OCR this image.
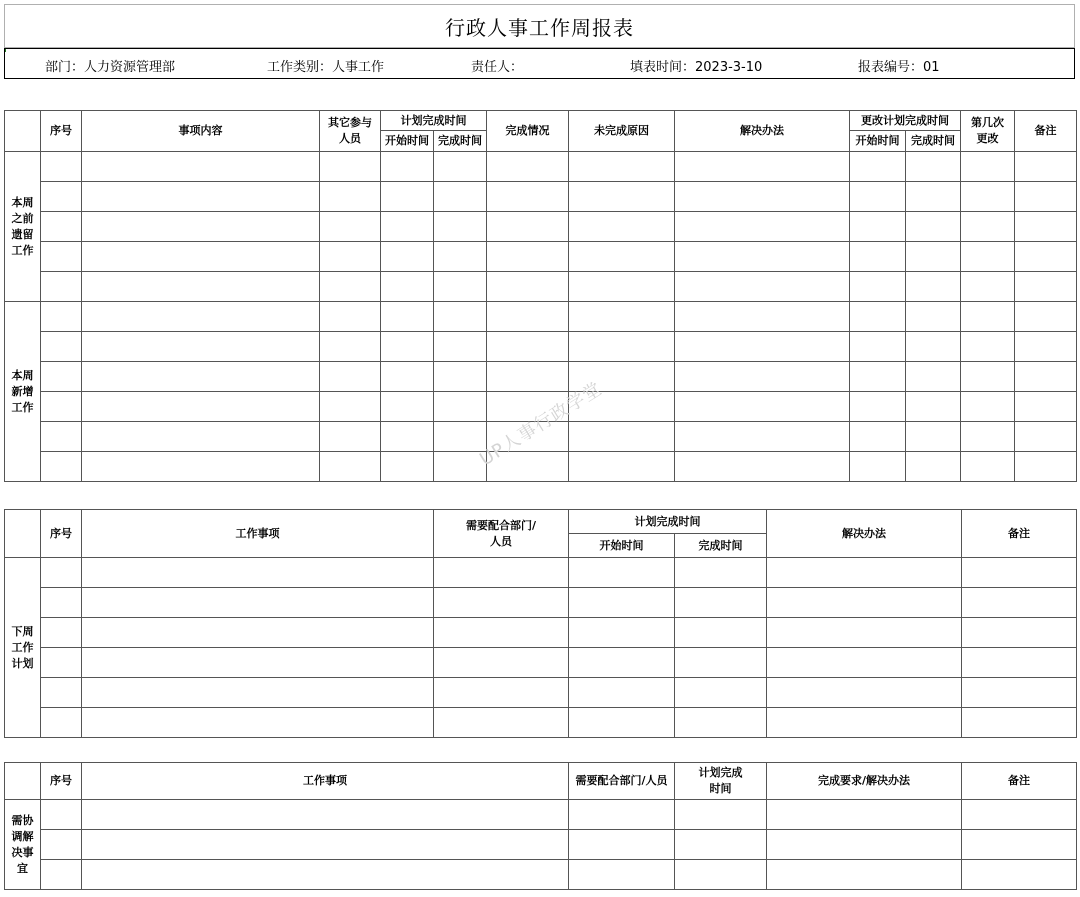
行政人事工作周报表
部门：人力资源管理部	工作类别：人事工作	责任人：	填表时间：2023-3-10	报表编号：01
	序号	事项内容	其它参与人员	计划完成时间		完成情况	未完成原因	解决办法	更改计划完成时间		第几次更改	备注
				开始时间	完成时间				开始时间	完成时间		

本周之前遗留工作												

本周新增工作												

	序号	工作事项	需要配合部门/人员	计划完成时间		解决办法	备注
				开始时间	完成时间		

下周工作计划							

	序号	工作事项	需要配合部门/人员	计划完成时间	完成要求/解决办法	备注

需协调解决事宜						

UP人事行政学堂
